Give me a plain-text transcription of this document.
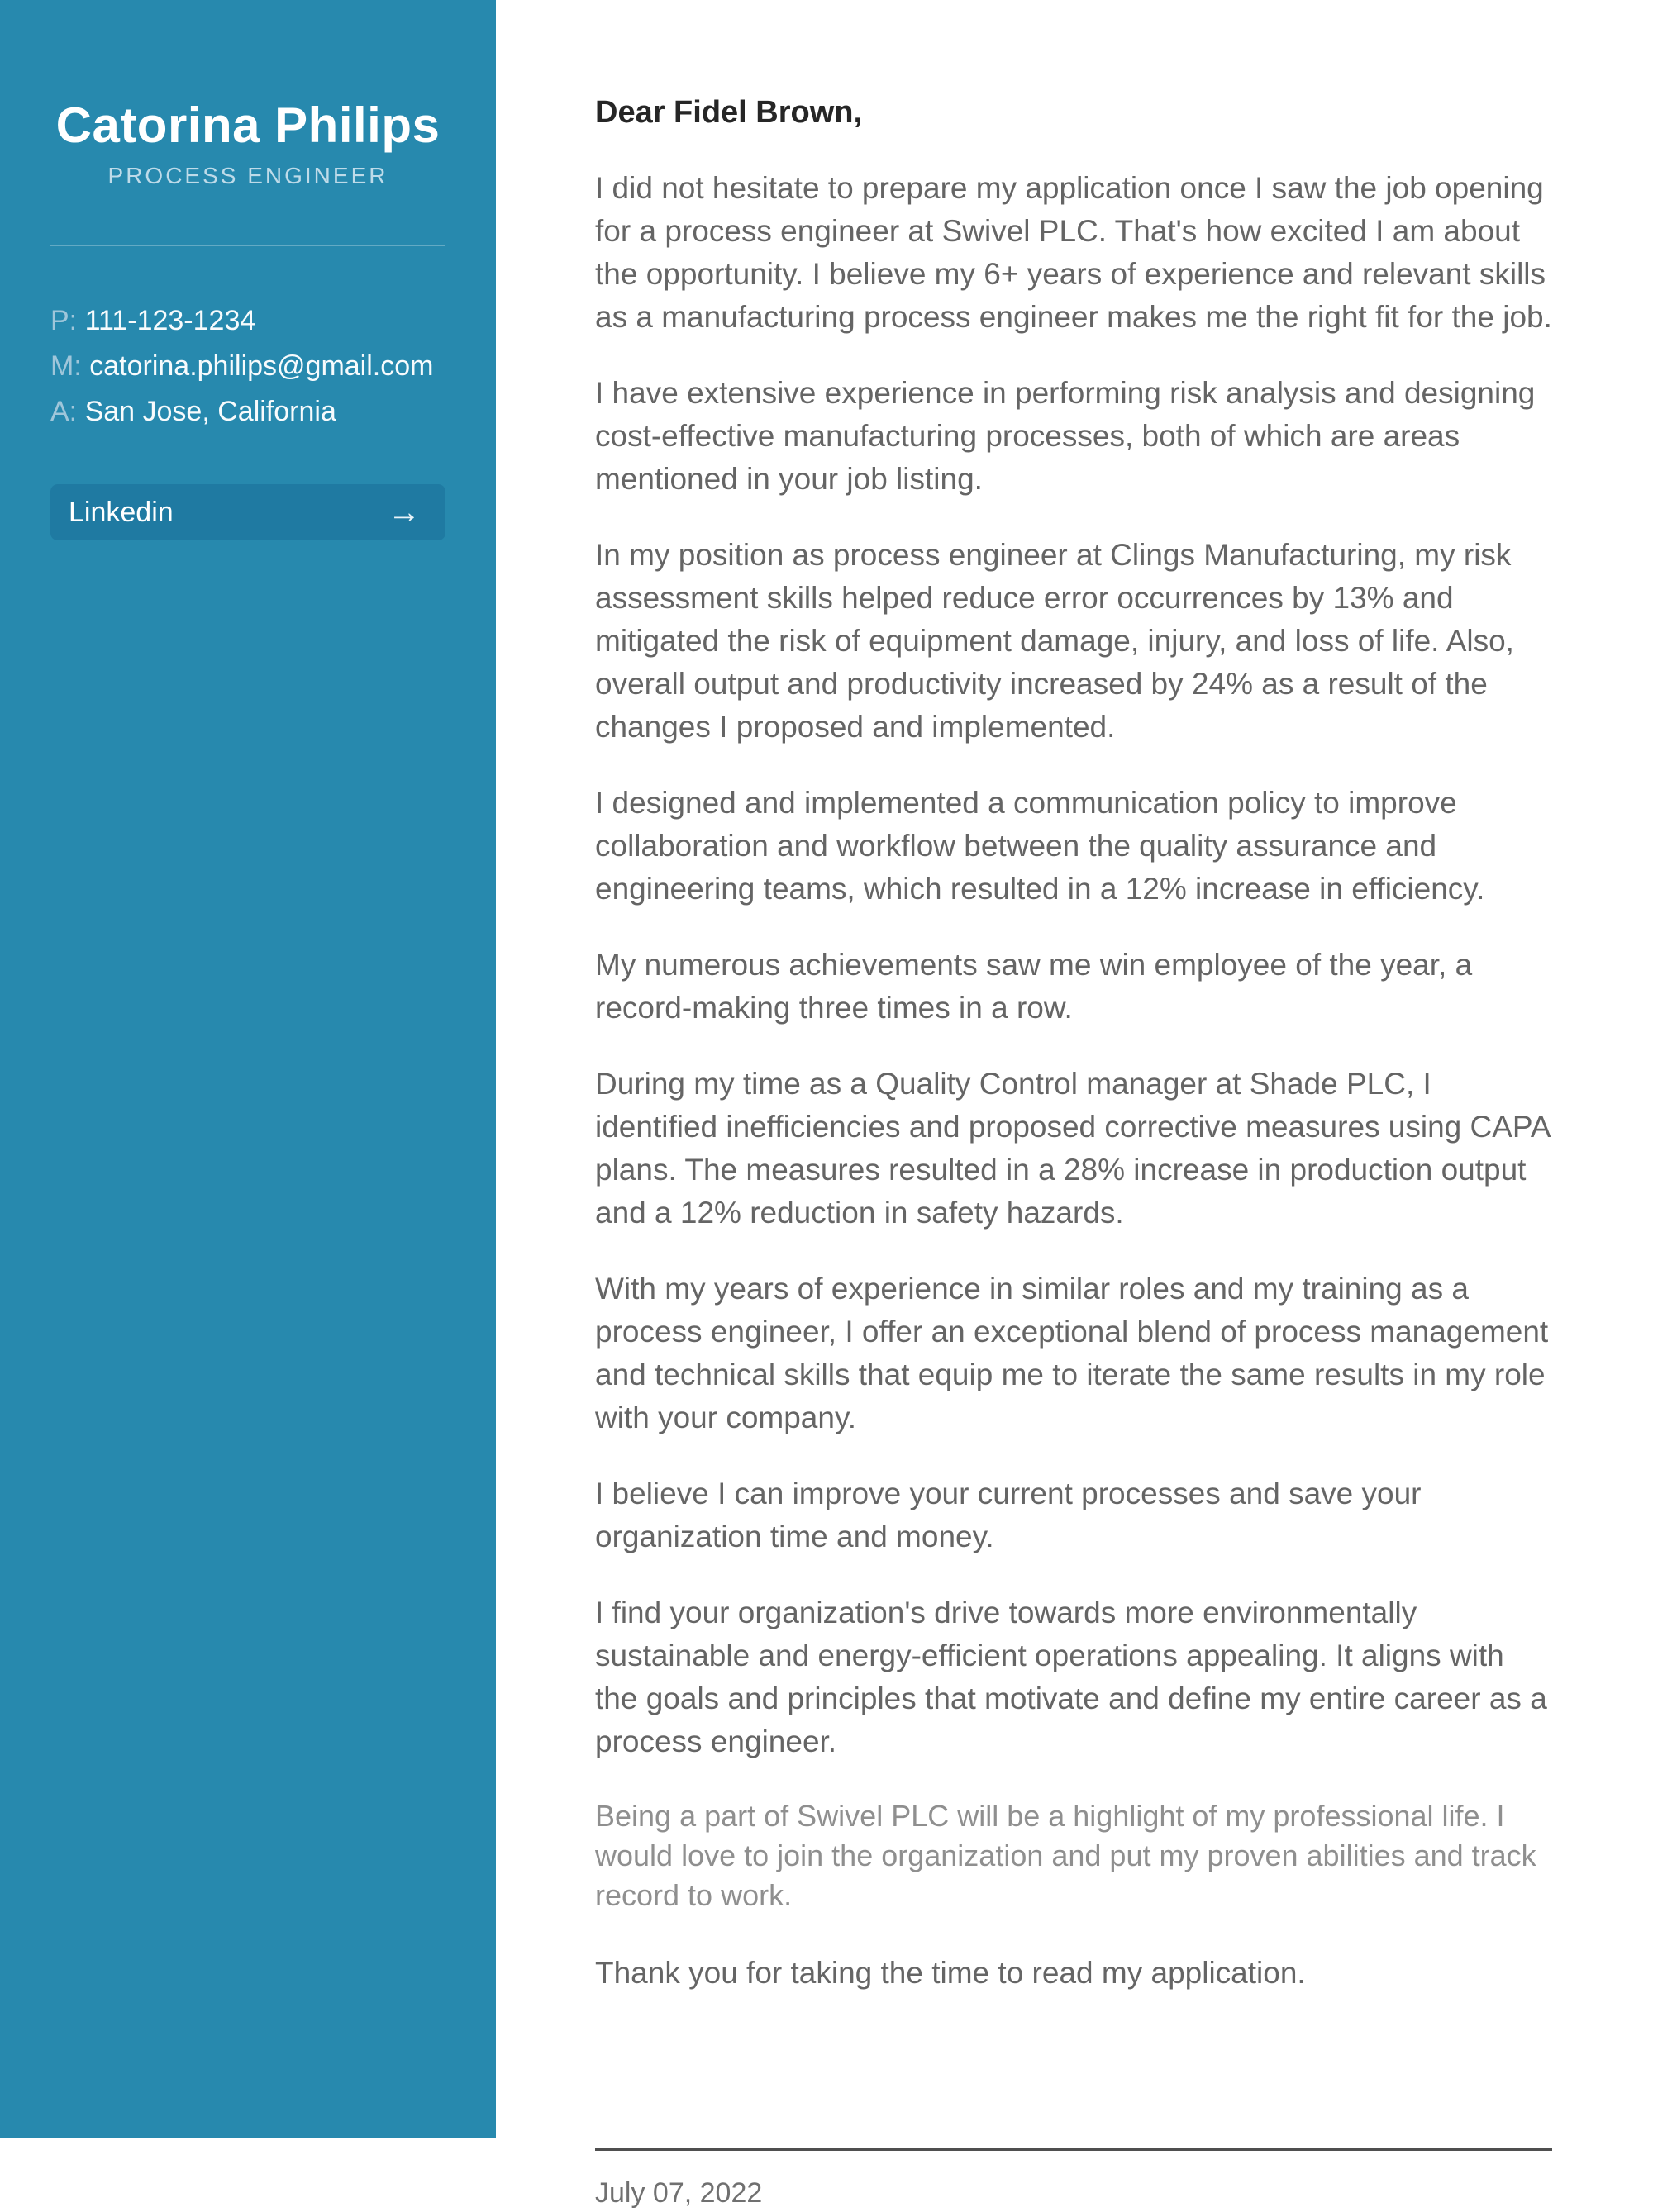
Catorina Philips
PROCESS ENGINEER
P: 111-123-1234
M: catorina.philips@gmail.com
A: San Jose, California
Linkedin	→

Dear Fidel Brown,

I did not hesitate to prepare my application once I saw the job opening for a process engineer at Swivel PLC. That's how excited I am about the opportunity. I believe my 6+ years of experience and relevant skills as a manufacturing process engineer makes me the right fit for the job.

I have extensive experience in performing risk analysis and designing cost-effective manufacturing processes, both of which are areas mentioned in your job listing.

In my position as process engineer at Clings Manufacturing, my risk assessment skills helped reduce error occurrences by 13% and mitigated the risk of equipment damage, injury, and loss of life. Also, overall output and productivity increased by 24% as a result of the changes I proposed and implemented.

I designed and implemented a communication policy to improve collaboration and workflow between the quality assurance and engineering teams, which resulted in a 12% increase in efficiency.

My numerous achievements saw me win employee of the year, a record-making three times in a row.

During my time as a Quality Control manager at Shade PLC, I identified inefficiencies and proposed corrective measures using CAPA plans. The measures resulted in a 28% increase in production output and a 12% reduction in safety hazards.

With my years of experience in similar roles and my training as a process engineer, I offer an exceptional blend of process management and technical skills that equip me to iterate the same results in my role with your company.

I believe I can improve your current processes and save your organization time and money.

I find your organization's drive towards more environmentally sustainable and energy-efficient operations appealing. It aligns with the goals and principles that motivate and define my entire career as a process engineer.

Being a part of Swivel PLC will be a highlight of my professional life. I would love to join the organization and put my proven abilities and track record to work.

Thank you for taking the time to read my application.

July 07, 2022
